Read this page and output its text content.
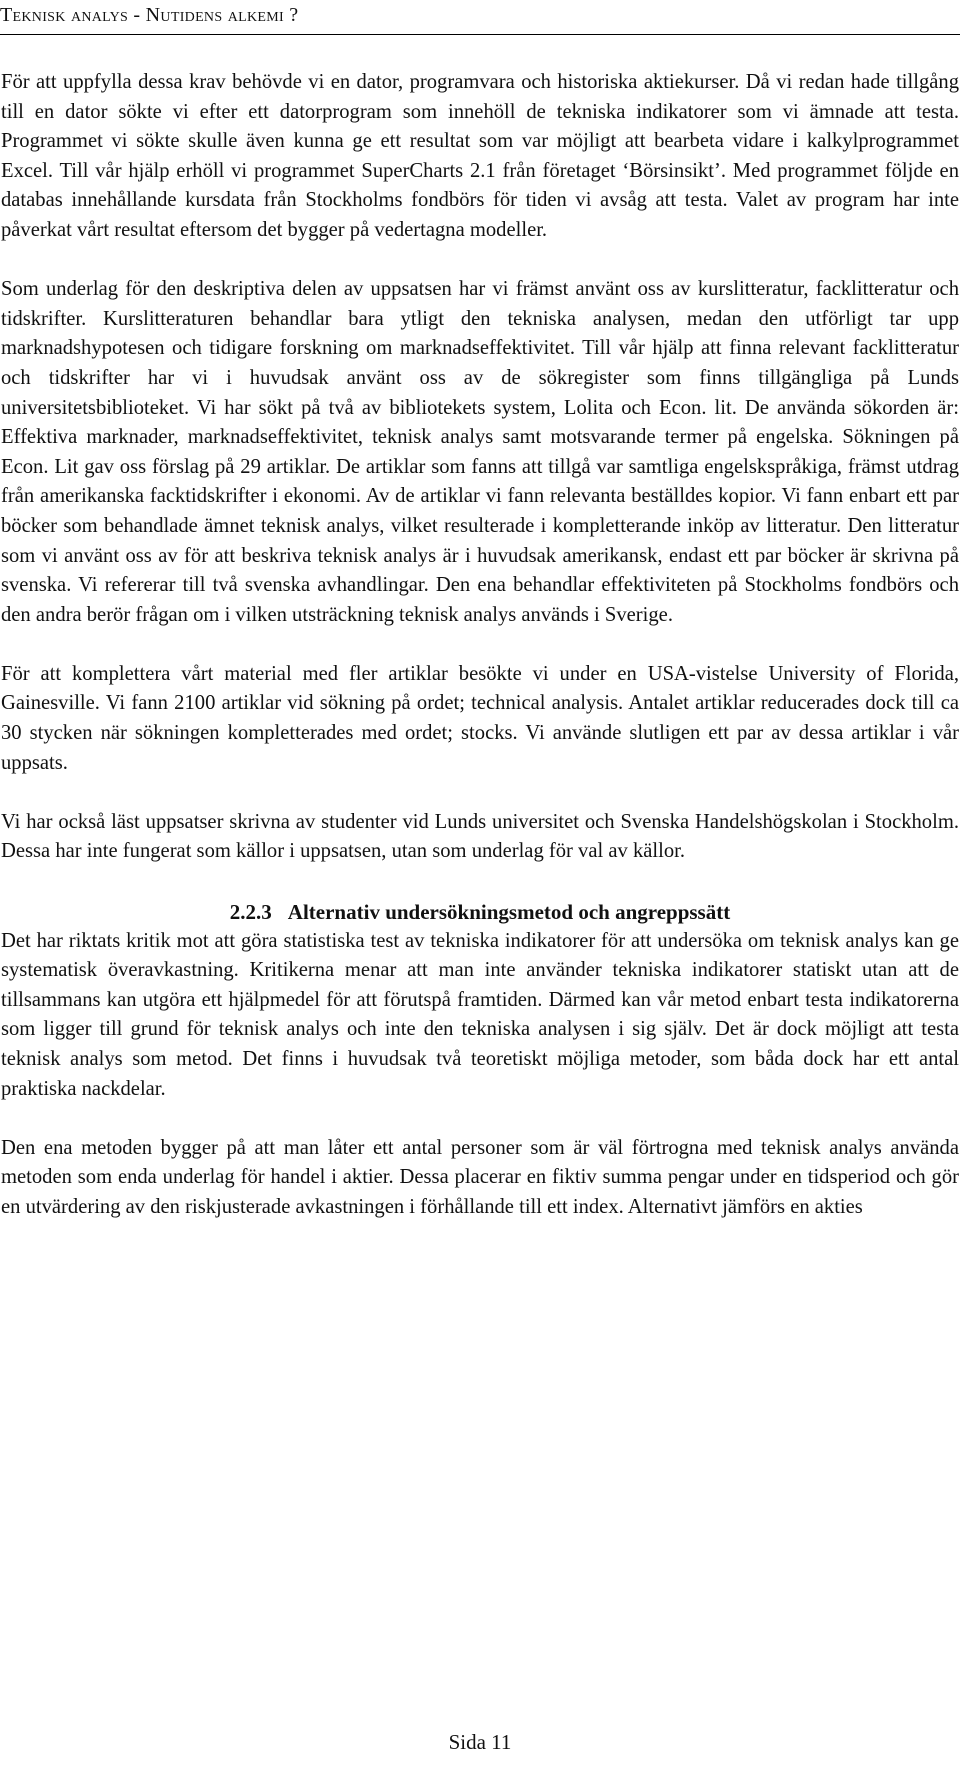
Teknisk analys - Nutidens alkemi ?

För att uppfylla dessa krav behövde vi en dator, programvara och historiska aktiekurser. Då vi redan hade tillgång till en dator sökte vi efter ett datorprogram som innehöll de tekniska indikatorer som vi ämnade att testa. Programmet vi sökte skulle även kunna ge ett resultat som var möjligt att bearbeta vidare i kalkylprogrammet Excel. Till vår hjälp erhöll vi programmet SuperCharts 2.1 från företaget ‘Börsinsikt’. Med programmet följde en databas innehållande kursdata från Stockholms fondbörs för tiden vi avsåg att testa. Valet av program har inte påverkat vårt resultat eftersom det bygger på vedertagna modeller.

Som underlag för den deskriptiva delen av uppsatsen har vi främst använt oss av kurslitteratur, facklitteratur och tidskrifter. Kurslitteraturen behandlar bara ytligt den tekniska analysen, medan den utförligt tar upp marknadshypotesen och tidigare forskning om marknadseffektivitet. Till vår hjälp att finna relevant facklitteratur och tidskrifter har vi i huvudsak använt oss av de sökregister som finns tillgängliga på Lunds universitetsbiblioteket. Vi har sökt på två av bibliotekets system, Lolita och Econ. lit. De använda sökorden är: Effektiva marknader, marknadseffektivitet, teknisk analys samt motsvarande termer på engelska. Sökningen på Econ. Lit gav oss förslag på 29 artiklar. De artiklar som fanns att tillgå var samtliga engelskspråkiga, främst utdrag från amerikanska facktidskrifter i ekonomi. Av de artiklar vi fann relevanta beställdes kopior. Vi fann enbart ett par böcker som behandlade ämnet teknisk analys, vilket resulterade i kompletterande inköp av litteratur. Den litteratur som vi använt oss av för att beskriva teknisk analys är i huvudsak amerikansk, endast ett par böcker är skrivna på svenska. Vi refererar till två svenska avhandlingar. Den ena behandlar effektiviteten på Stockholms fondbörs och den andra berör frågan om i vilken utsträckning teknisk analys används i Sverige.

För att komplettera vårt material med fler artiklar besökte vi under en USA-vistelse University of Florida, Gainesville. Vi fann 2100 artiklar vid sökning på ordet; technical analysis. Antalet artiklar reducerades dock till ca 30 stycken när sökningen kompletterades med ordet; stocks. Vi använde slutligen ett par av dessa artiklar i vår uppsats.

Vi har också läst uppsatser skrivna av studenter vid Lunds universitet och Svenska Handelshögskolan i Stockholm. Dessa har inte fungerat som källor i uppsatsen, utan som underlag för val av källor.

2.2.3 Alternativ undersökningsmetod och angreppssätt

Det har riktats kritik mot att göra statistiska test av tekniska indikatorer för att undersöka om teknisk analys kan ge systematisk överavkastning. Kritikerna menar att man inte använder tekniska indikatorer statiskt utan att de tillsammans kan utgöra ett hjälpmedel för att förutspå framtiden. Därmed kan vår metod enbart testa indikatorerna som ligger till grund för teknisk analys och inte den tekniska analysen i sig själv. Det är dock möjligt att testa teknisk analys som metod. Det finns i huvudsak två teoretiskt möjliga metoder, som båda dock har ett antal praktiska nackdelar.

Den ena metoden bygger på att man låter ett antal personer som är väl förtrogna med teknisk analys använda metoden som enda underlag för handel i aktier. Dessa placerar en fiktiv summa pengar under en tidsperiod och gör en utvärdering av den riskjusterade avkastningen i förhållande till ett index. Alternativt jämförs en akties

Sida 11
